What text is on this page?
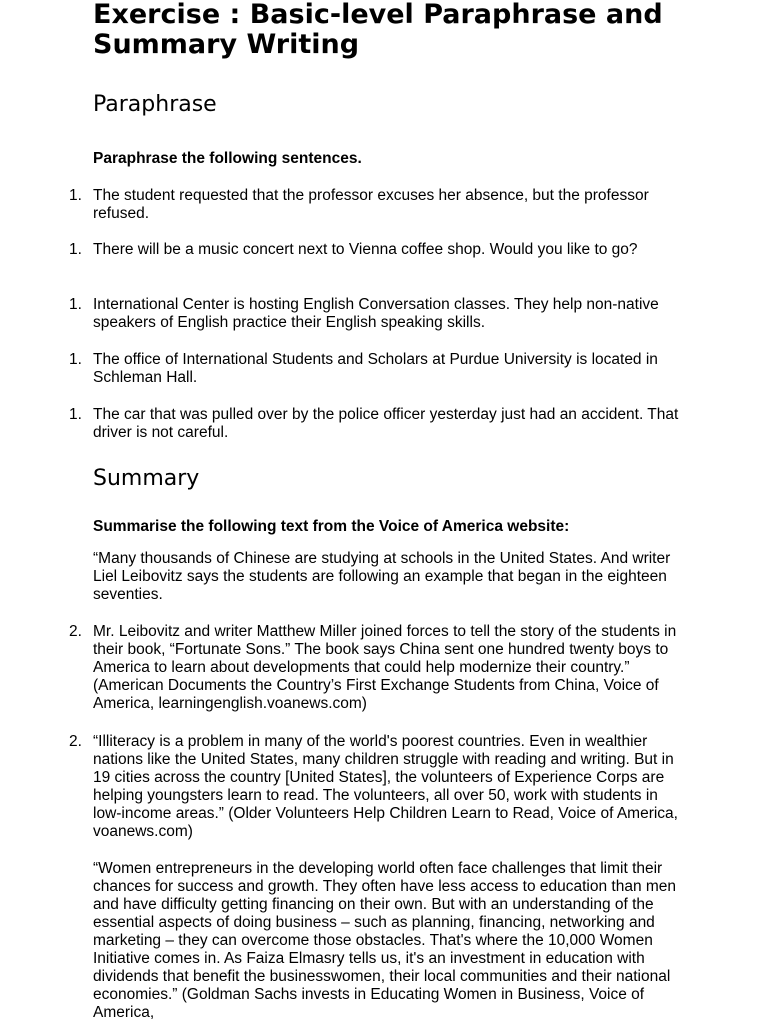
Exercise : Basic-level Paraphrase and Summary Writing
Paraphrase

Paraphrase the following sentences.

1. The student requested that the professor excuses her absence, but the professor refused.

1. There will be a music concert next to Vienna coffee shop. Would you like to go?

1. International Center is hosting English Conversation classes. They help non-native speakers of English practice their English speaking skills.

1. The office of International Students and Scholars at Purdue University is located in Schleman Hall.

1. The car that was pulled over by the police officer yesterday just had an accident. That driver is not careful.

Summary

Summarise the following text from the Voice of America website:

“Many thousands of Chinese are studying at schools in the United States. And writer Liel Leibovitz says the students are following an example that began in the eighteen seventies.

2. Mr. Leibovitz and writer Matthew Miller joined forces to tell the story of the students in their book, “Fortunate Sons.” The book says China sent one hundred twenty boys to America to learn about developments that could help modernize their country.” (American Documents the Country’s First Exchange Students from China, Voice of America, learningenglish.voanews.com)

2. “Illiteracy is a problem in many of the world's poorest countries. Even in wealthier nations like the United States, many children struggle with reading and writing. But in 19 cities across the country [United States], the volunteers of Experience Corps are helping youngsters learn to read. The volunteers, all over 50, work with students in low-income areas.” (Older Volunteers Help Children Learn to Read, Voice of America, voanews.com)

“Women entrepreneurs in the developing world often face challenges that limit their chances for success and growth. They often have less access to education than men and have difficulty getting financing on their own. But with an understanding of the essential aspects of doing business – such as planning, financing, networking and marketing – they can overcome those obstacles. That's where the 10,000 Women Initiative comes in. As Faiza Elmasry tells us, it's an investment in education with dividends that benefit the businesswomen, their local communities and their national economies.” (Goldman Sachs invests in Educating Women in Business, Voice of America,
